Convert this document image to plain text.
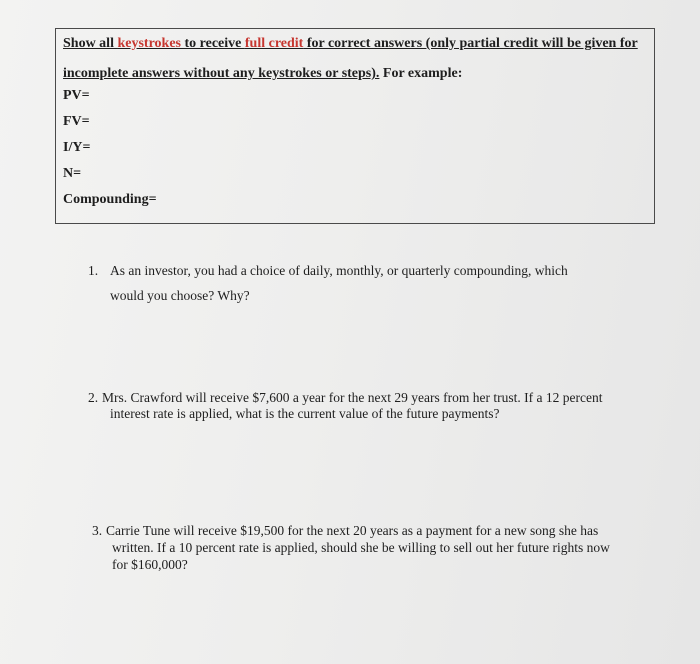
Show all keystrokes to receive full credit for correct answers (only partial credit will be given for
incomplete answers without any keystrokes or steps). For example:
PV=
FV=
I/Y=
N=
Compounding=
1. As an investor, you had a choice of daily, monthly, or quarterly compounding, which
would you choose? Why?
2. Mrs. Crawford will receive $7,600 a year for the next 29 years from her trust. If a 12 percent
interest rate is applied, what is the current value of the future payments?
3. Carrie Tune will receive $19,500 for the next 20 years as a payment for a new song she has
written. If a 10 percent rate is applied, should she be willing to sell out her future rights now
for $160,000?
